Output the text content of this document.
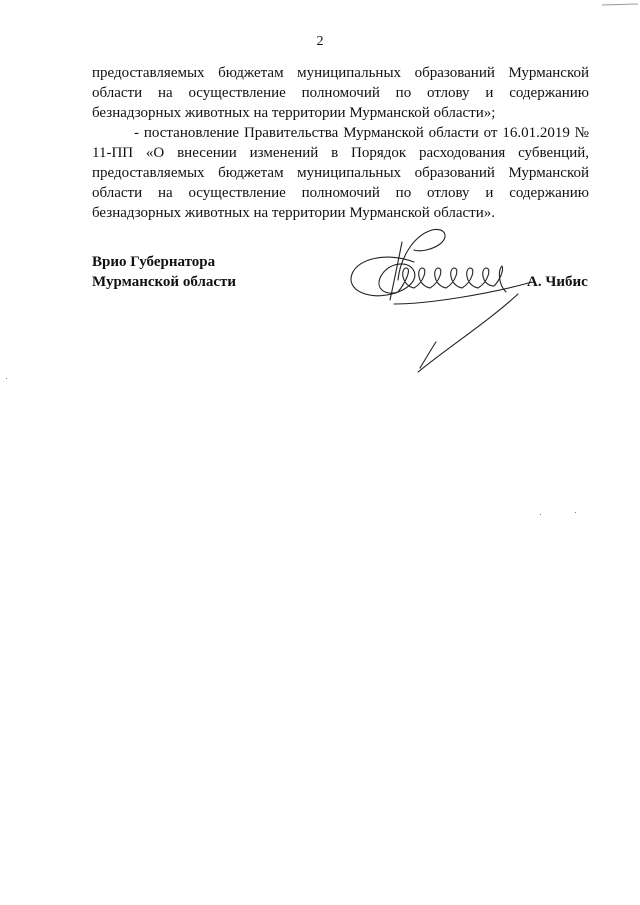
2

предоставляемых бюджетам муниципальных образований Мурманской области на осуществление полномочий по отлову и содержанию безнадзорных животных на территории Мурманской области»;

- постановление Правительства Мурманской области от 16.01.2019 № 11-ПП «О внесении изменений в Порядок расходования субвенций, предоставляемых бюджетам муниципальных образований Мурманской области на осуществление полномочий по отлову и содержанию безнадзорных животных на территории Мурманской области».

Врио Губернатора
Мурманской области	А. Чибис
